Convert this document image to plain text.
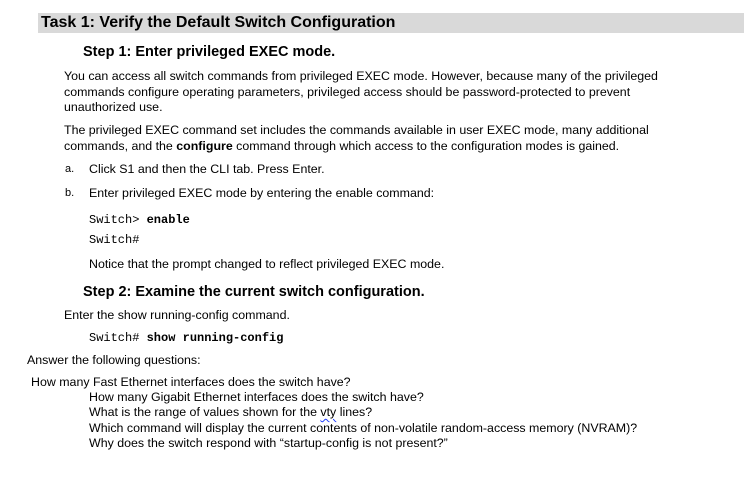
Task 1: Verify the Default Switch Configuration
Step 1: Enter privileged EXEC mode.
You can access all switch commands from privileged EXEC mode. However, because many of the privileged
commands configure operating parameters, privileged access should be password-protected to prevent
unauthorized use.
The privileged EXEC command set includes the commands available in user EXEC mode, many additional
commands, and the configure command through which access to the configuration modes is gained.
a. Click S1 and then the CLI tab. Press Enter.
b. Enter privileged EXEC mode by entering the enable command:
Switch> enable
Switch#
Notice that the prompt changed to reflect privileged EXEC mode.
Step 2: Examine the current switch configuration.
Enter the show running-config command.
Switch# show running-config
Answer the following questions:
How many Fast Ethernet interfaces does the switch have?
How many Gigabit Ethernet interfaces does the switch have?
What is the range of values shown for the vty lines?
Which command will display the current contents of non-volatile random-access memory (NVRAM)?
Why does the switch respond with “startup-config is not present?”
